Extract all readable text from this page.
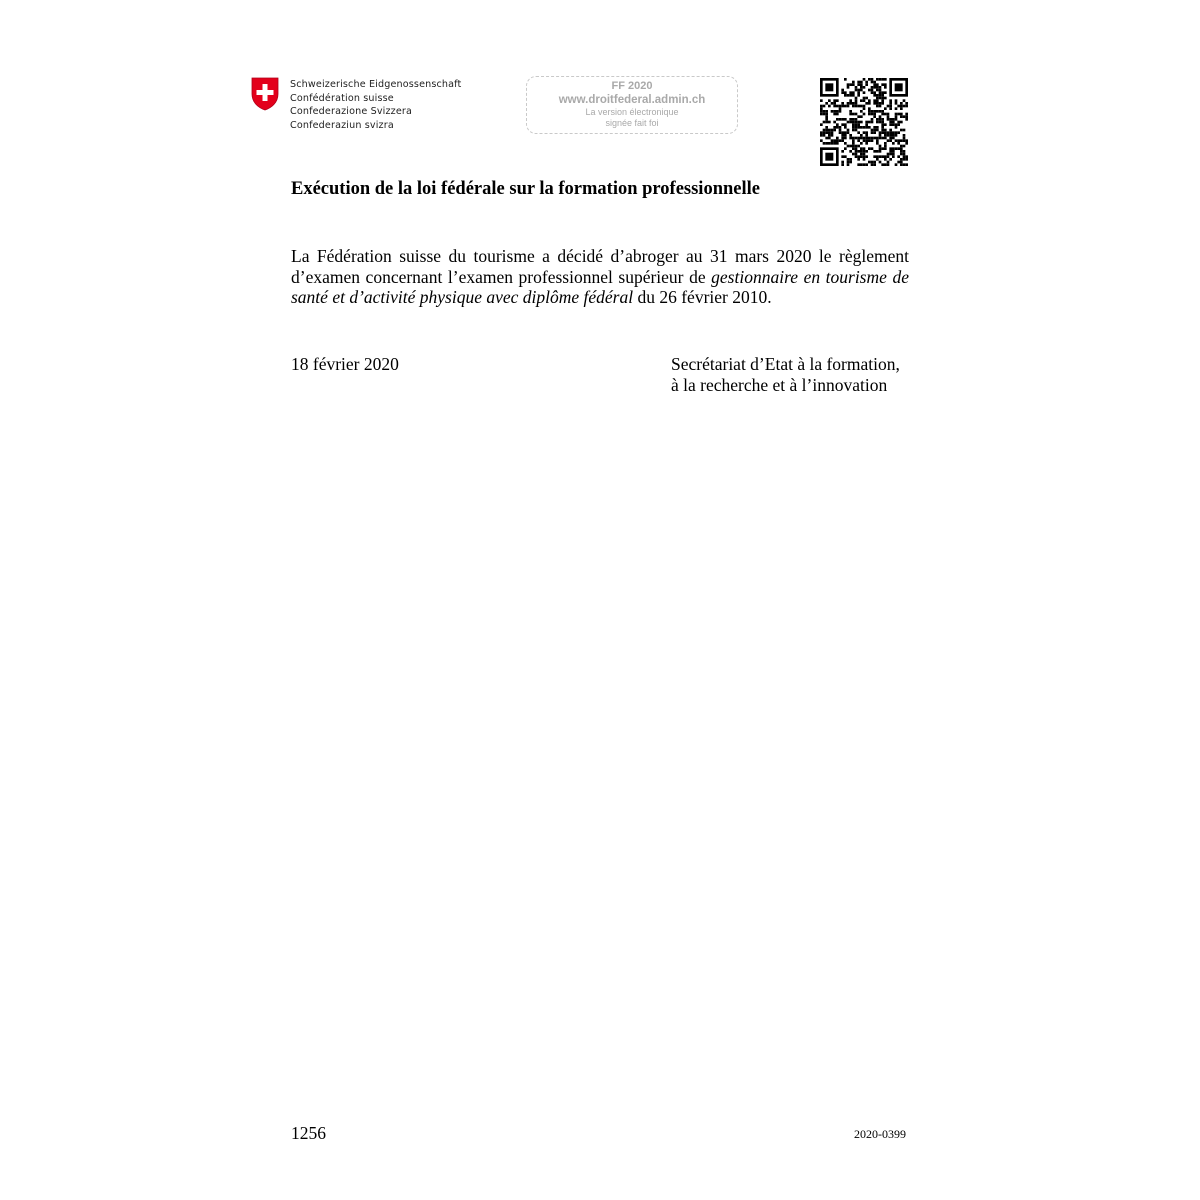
Schweizerische Eidgenossenschaft
Confédération suisse
Confederazione Svizzera
Confederaziun svizra
FF 2020
www.droitfederal.admin.ch
La version électronique
signée fait foi
Exécution de la loi fédérale sur la formation professionnelle
La Fédération suisse du tourisme a décidé d’abroger au 31 mars 2020 le règlement d’examen concernant l’examen professionnel supérieur de gestionnaire en tourisme de santé et d’activité physique avec diplôme fédéral du 26 février 2010.
18 février 2020	Secrétariat d’Etat à la formation,
à la recherche et à l’innovation
1256	2020-0399
